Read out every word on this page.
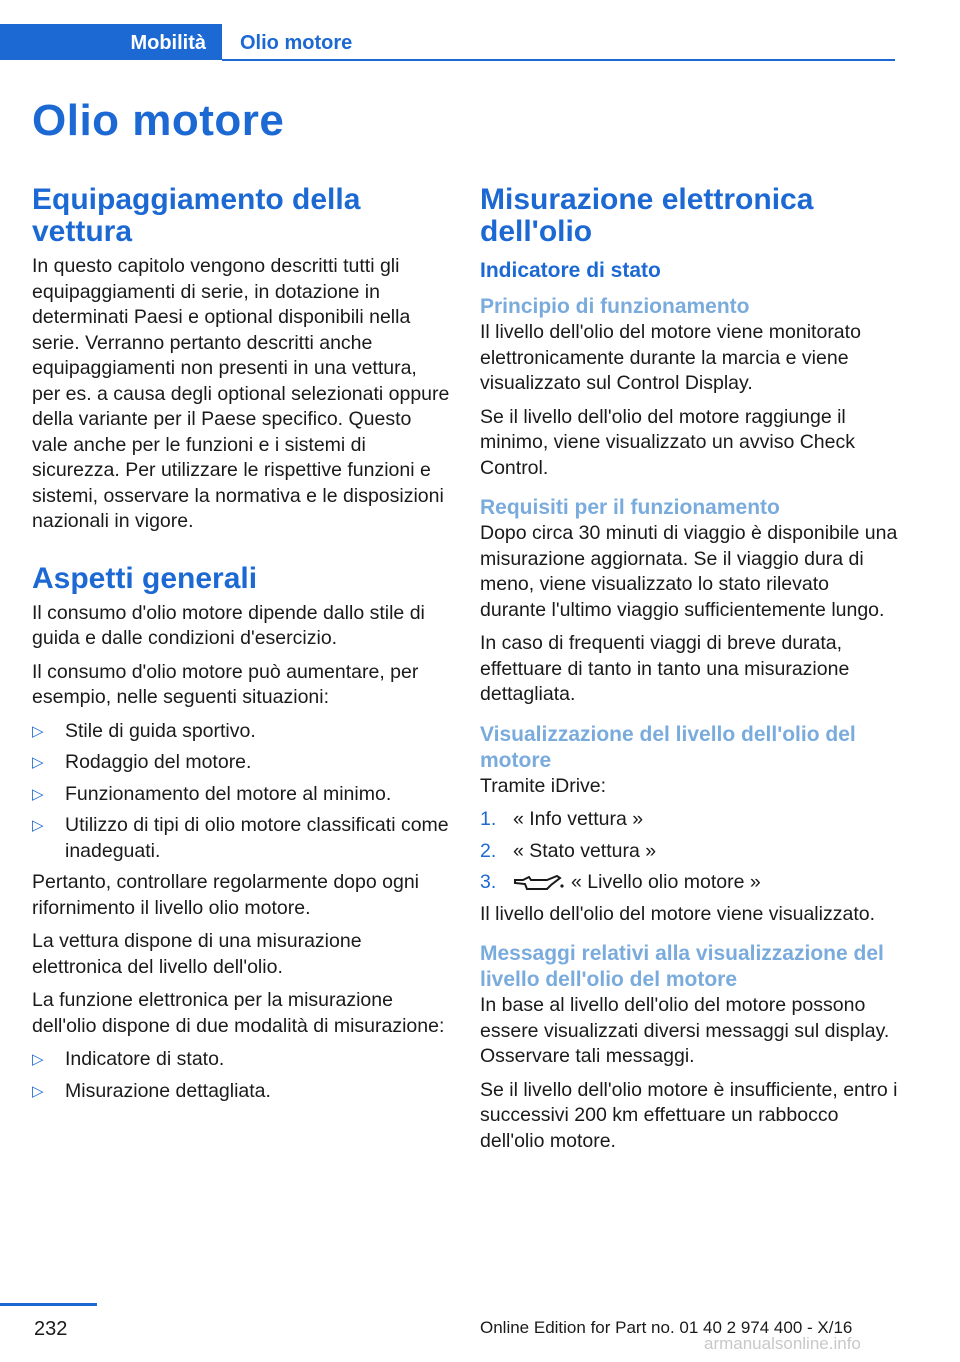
Mobilità Olio motore
Olio motore
Equipaggiamento della vettura

In questo capitolo vengono descritti tutti gli equipaggiamenti di serie, in dotazione in determinati Paesi e optional disponibili nella serie. Verranno pertanto descritti anche equipaggiamenti non presenti in una vettura, per es. a causa degli optional selezionati oppure della variante per il Paese specifico. Questo vale anche per le funzioni e i sistemi di sicurezza. Per utilizzare le rispettive funzioni e sistemi, osservare la normativa e le disposizioni nazionali in vigore.

Aspetti generali

Il consumo d'olio motore dipende dallo stile di guida e dalle condizioni d'esercizio.

Il consumo d'olio motore può aumentare, per esempio, nelle seguenti situazioni:

▷ Stile di guida sportivo.
▷ Rodaggio del motore.
▷ Funzionamento del motore al minimo.
▷ Utilizzo di tipi di olio motore classificati come inadeguati.

Pertanto, controllare regolarmente dopo ogni rifornimento il livello olio motore.

La vettura dispone di una misurazione elettronica del livello dell'olio.

La funzione elettronica per la misurazione dell'olio dispone di due modalità di misurazione:

▷ Indicatore di stato.
▷ Misurazione dettagliata.
Misurazione elettronica dell'olio
Indicatore di stato
Principio di funzionamento

Il livello dell'olio del motore viene monitorato elettronicamente durante la marcia e viene visualizzato sul Control Display.

Se il livello dell'olio del motore raggiunge il minimo, viene visualizzato un avviso Check Control.

Requisiti per il funzionamento

Dopo circa 30 minuti di viaggio è disponibile una misurazione aggiornata. Se il viaggio dura di meno, viene visualizzato lo stato rilevato durante l'ultimo viaggio sufficientemente lungo.

In caso di frequenti viaggi di breve durata, effettuare di tanto in tanto una misurazione dettagliata.

Visualizzazione del livello dell'olio del motore

Tramite iDrive:

1. « Info vettura »
2. « Stato vettura »
3.	« Livello olio motore »

Il livello dell'olio del motore viene visualizzato.

Messaggi relativi alla visualizzazione del livello dell'olio del motore

In base al livello dell'olio del motore possono essere visualizzati diversi messaggi sul display. Osservare tali messaggi.

Se il livello dell'olio motore è insufficiente, entro i successivi 200 km effettuare un rabbocco dell'olio motore.

232	Online Edition for Part no. 01 40 2 974 400 - X/16
armanualsonline.info
